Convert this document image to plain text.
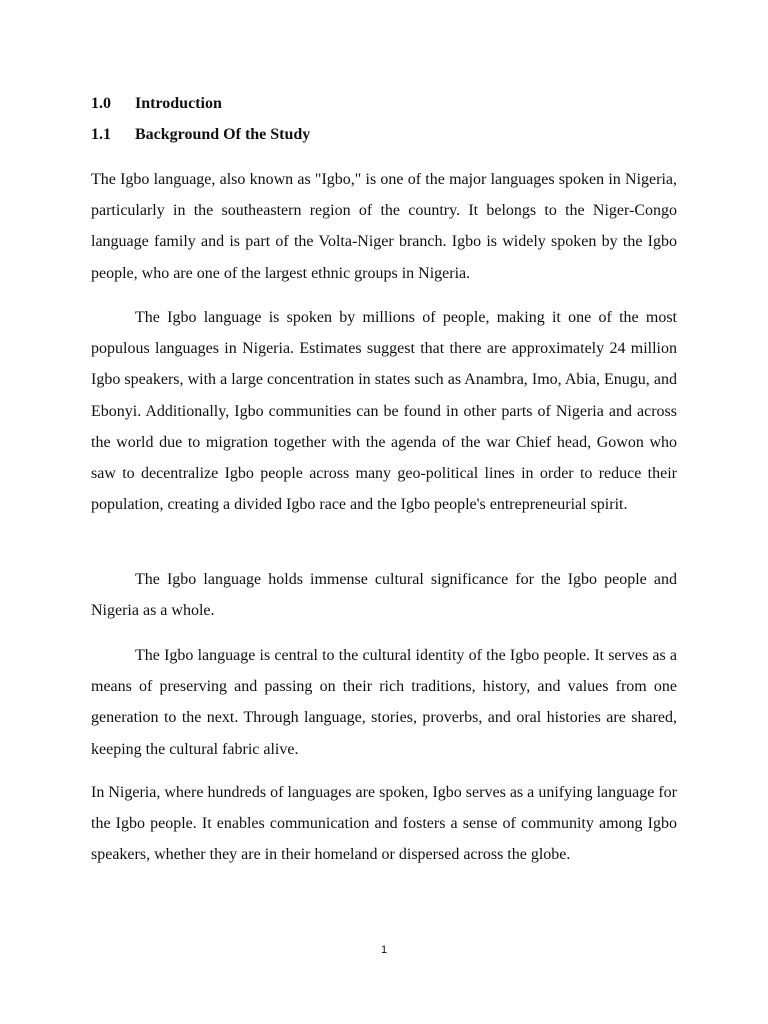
1.0 Introduction
1.1 Background Of the Study

The Igbo language, also known as "Igbo," is one of the major languages spoken in Nigeria, particularly in the southeastern region of the country. It belongs to the Niger-Congo language family and is part of the Volta-Niger branch. Igbo is widely spoken by the Igbo people, who are one of the largest ethnic groups in Nigeria.

The Igbo language is spoken by millions of people, making it one of the most populous languages in Nigeria. Estimates suggest that there are approximately 24 million Igbo speakers, with a large concentration in states such as Anambra, Imo, Abia, Enugu, and Ebonyi. Additionally, Igbo communities can be found in other parts of Nigeria and across the world due to migration together with the agenda of the war Chief head, Gowon who saw to decentralize Igbo people across many geo-political lines in order to reduce their population, creating a divided Igbo race and the Igbo people's entrepreneurial spirit.

The Igbo language holds immense cultural significance for the Igbo people and Nigeria as a whole.

The Igbo language is central to the cultural identity of the Igbo people. It serves as a means of preserving and passing on their rich traditions, history, and values from one generation to the next. Through language, stories, proverbs, and oral histories are shared, keeping the cultural fabric alive.

In Nigeria, where hundreds of languages are spoken, Igbo serves as a unifying language for the Igbo people. It enables communication and fosters a sense of community among Igbo speakers, whether they are in their homeland or dispersed across the globe.

1
